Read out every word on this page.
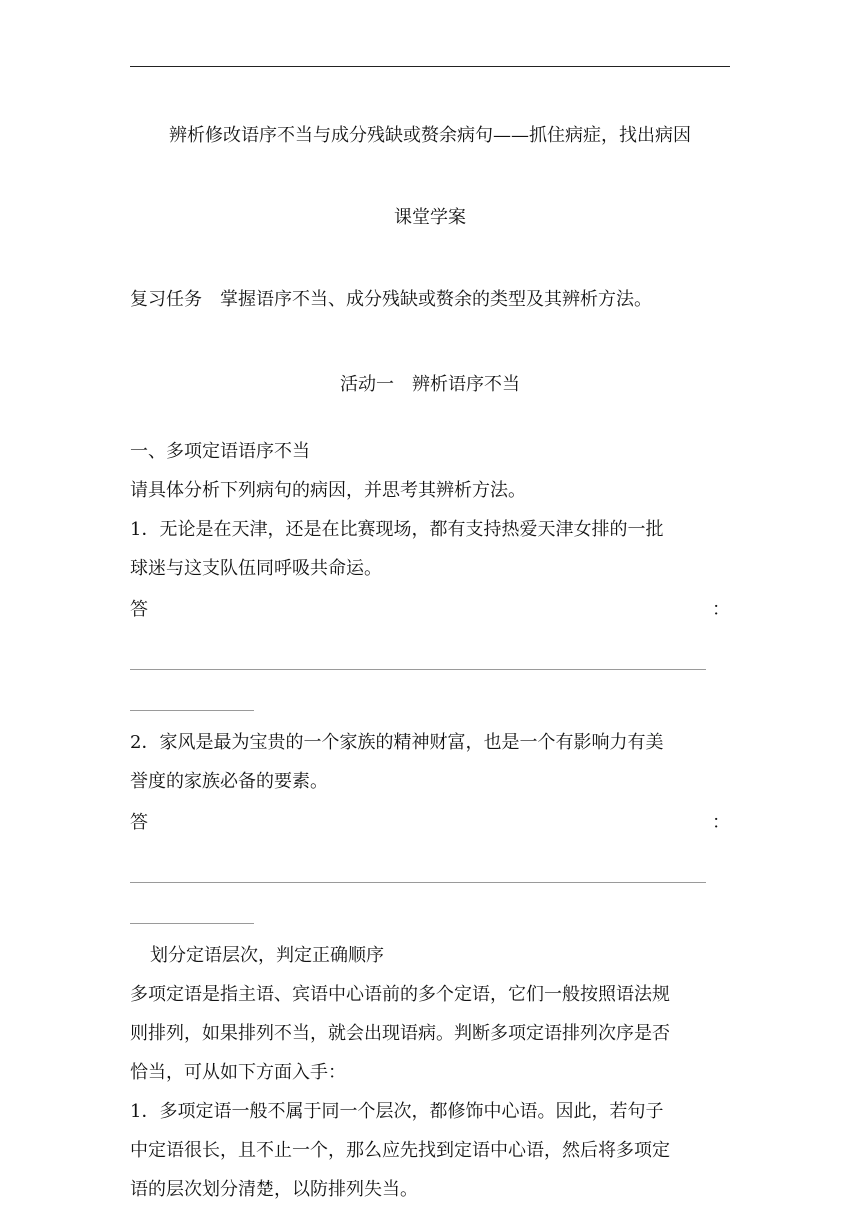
辨析修改语序不当与成分残缺或赘余病句——抓住病症，找出病因
课堂学案
复习任务　掌握语序不当、成分残缺或赘余的类型及其辨析方法。
活动一　辨析语序不当

一、多项定语语序不当

请具体分析下列病句的病因，并思考其辨析方法。

1．无论是在天津，还是在比赛现场，都有支持热爱天津女排的一批

球迷与这支队伍同呼吸共命运。

答	：

2．家风是最为宝贵的一个家族的精神财富，也是一个有影响力有美

誉度的家族必备的要素。

答	：

划分定语层次，判定正确顺序

多项定语是指主语、宾语中心语前的多个定语，它们一般按照语法规

则排列，如果排列不当，就会出现语病。判断多项定语排列次序是否

恰当，可从如下方面入手：

1．多项定语一般不属于同一个层次，都修饰中心语。因此，若句子

中定语很长，且不止一个，那么应先找到定语中心语，然后将多项定

语的层次划分清楚，以防排列失当。
